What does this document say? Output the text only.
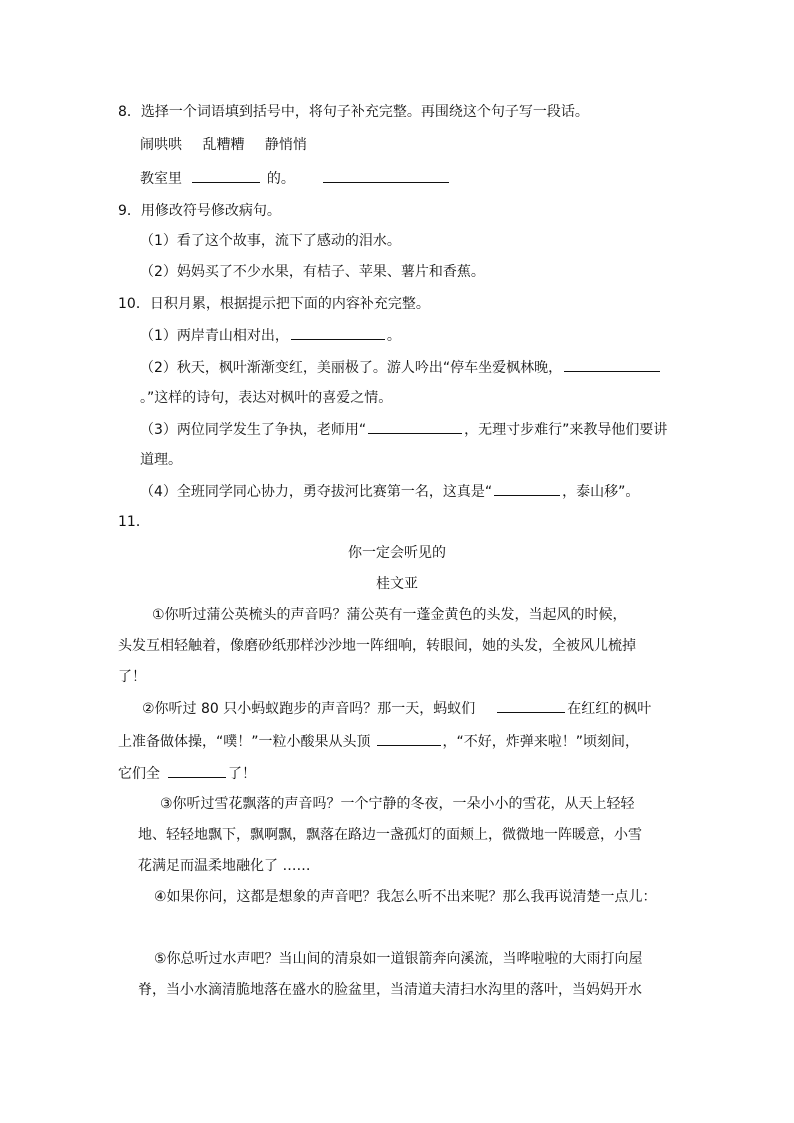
8．选择一个词语填到括号中，将句子补充完整。再围绕这个句子写一段话。
闹哄哄 乱糟糟 静悄悄
教室里	的。
9．用修改符号修改病句。
（1）看了这个故事，流下了感动的泪水。
（2）妈妈买了不少水果，有桔子、苹果、薯片和香蕉。
10．日积月累，根据提示把下面的内容补充完整。
（1）两岸青山相对出，	。
（2）秋天，枫叶渐渐变红，美丽极了。游人吟出“停车坐爱枫林晚，
。”这样的诗句，表达对枫叶的喜爱之情。
（3）两位同学发生了争执，老师用“	，无理寸步难行”来教导他们要讲
道理。
（4）全班同学同心协力，勇夺拔河比赛第一名，这真是“	，泰山移”。
11．
你一定会听见的
桂文亚
①你听过蒲公英梳头的声音吗？蒲公英有一蓬金黄色的头发，当起风的时候，
头发互相轻触着，像磨砂纸那样沙沙地一阵细响，转眼间，她的头发，全被风儿梳掉
了！
②你听过 80 只小蚂蚁跑步的声音吗？那一天，蚂蚁们	在红红的枫叶
上准备做体操，“噗！”一粒小酸果从头顶	，“不好，炸弹来啦！”顷刻间，
它们全	了！
③你听过雪花飘落的声音吗？一个宁静的冬夜，一朵小小的雪花，从天上轻轻
地、轻轻地飘下，飘啊飘，飘落在路边一盏孤灯的面颊上，微微地一阵暖意，小雪
花满足而温柔地融化了 ……
④如果你问，这都是想象的声音吧？我怎么听不出来呢？那么我再说清楚一点儿：
⑤你总听过水声吧？当山间的清泉如一道银箭奔向溪流，当哗啦啦的大雨打向屋
脊，当小水滴清脆地落在盛水的脸盆里，当清道夫清扫水沟里的落叶，当妈妈开水
